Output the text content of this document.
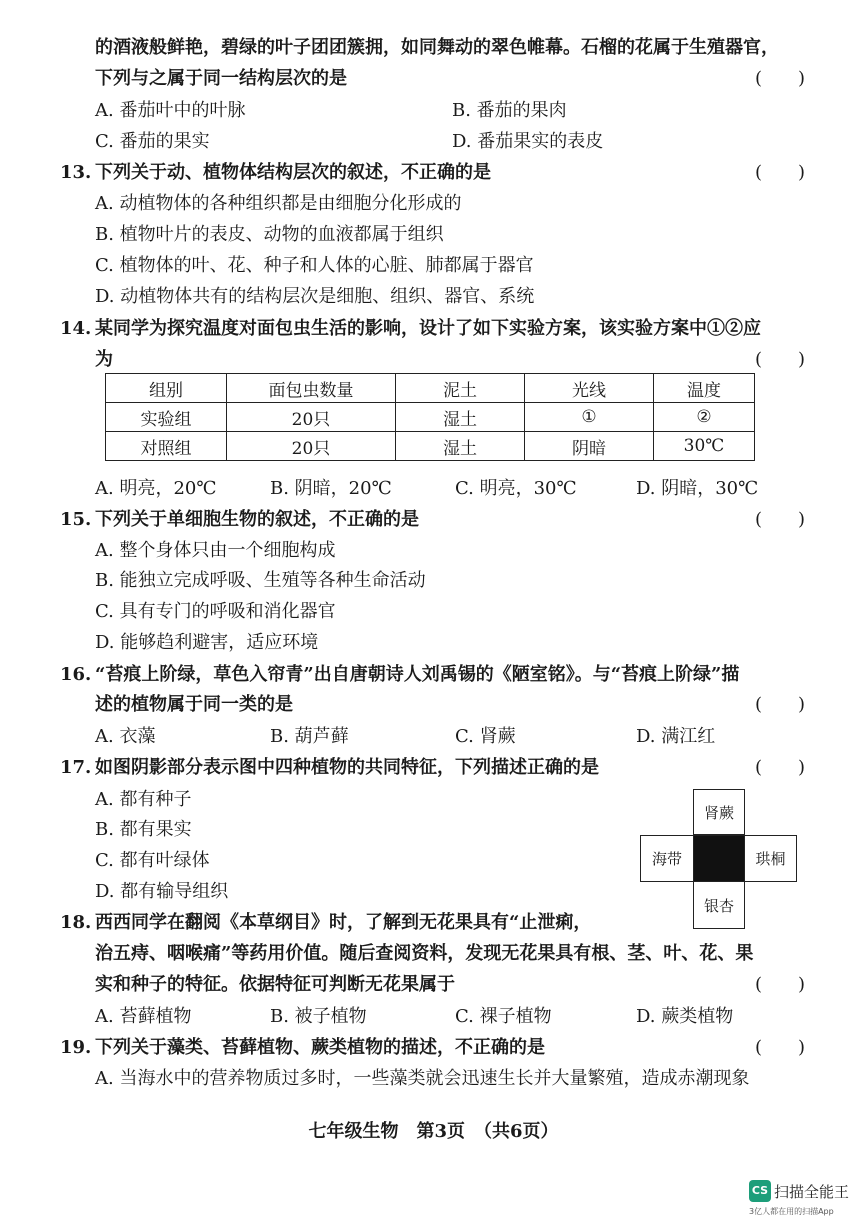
的酒液般鲜艳，碧绿的叶子团团簇拥，如同舞动的翠色帷幕。石榴的花属于生殖器官，
下列与之属于同一结构层次的是	(　　)
A. 番茄叶中的叶脉	B. 番茄的果肉
C. 番茄的果实	D. 番茄果实的表皮
13. 下列关于动、植物体结构层次的叙述，不正确的是	(　　)
A. 动植物体的各种组织都是由细胞分化形成的
B. 植物叶片的表皮、动物的血液都属于组织
C. 植物体的叶、花、种子和人体的心脏、肺都属于器官
D. 动植物体共有的结构层次是细胞、组织、器官、系统
14. 某同学为探究温度对面包虫生活的影响，设计了如下实验方案，该实验方案中①②应
为	(　　)
组别	面包虫数量	泥土	光线	温度
实验组	20只	湿土	①	②
对照组	20只	湿土	阴暗	30℃
A. 明亮，20℃	B. 阴暗，20℃	C. 明亮，30℃	D. 阴暗，30℃
15. 下列关于单细胞生物的叙述，不正确的是	(　　)
A. 整个身体只由一个细胞构成
B. 能独立完成呼吸、生殖等各种生命活动
C. 具有专门的呼吸和消化器官
D. 能够趋利避害，适应环境
16. “苔痕上阶绿，草色入帘青”出自唐朝诗人刘禹锡的《陋室铭》。与“苔痕上阶绿”描
述的植物属于同一类的是	(　　)
A. 衣藻	B. 葫芦藓	C. 肾蕨	D. 满江红
17. 如图阴影部分表示图中四种植物的共同特征，下列描述正确的是	(　　)
A. 都有种子
B. 都有果实
C. 都有叶绿体
D. 都有输导组织
肾蕨
海带	珙桐
银杏
18. 西西同学在翻阅《本草纲目》时，了解到无花果具有“止泄痢，
治五痔、咽喉痛”等药用价值。随后查阅资料，发现无花果具有根、茎、叶、花、果
实和种子的特征。依据特征可判断无花果属于	(　　)
A. 苔藓植物	B. 被子植物	C. 裸子植物	D. 蕨类植物
19. 下列关于藻类、苔藓植物、蕨类植物的描述，不正确的是	(　　)
A. 当海水中的营养物质过多时，一些藻类就会迅速生长并大量繁殖，造成赤潮现象
七年级生物　第3页　（共6页）
CS 扫描全能王
3亿人都在用的扫描App
